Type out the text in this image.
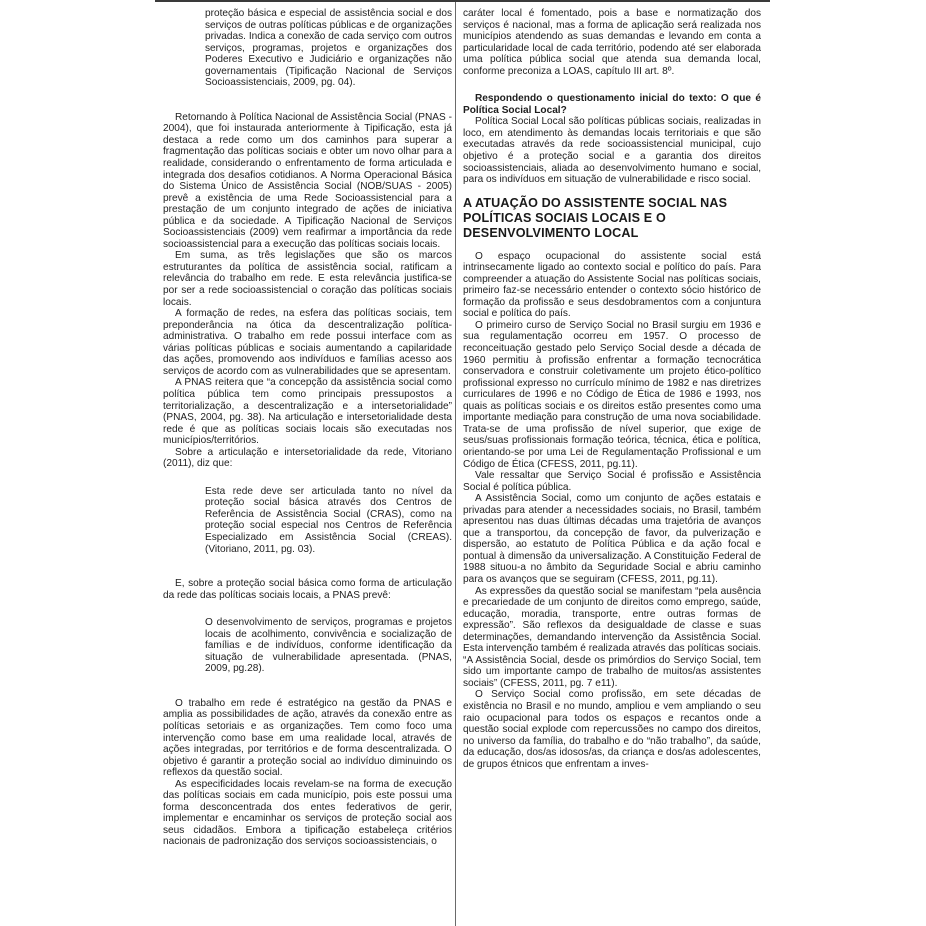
proteção básica e especial de assistência social e dos serviços de outras políticas públicas e de organizações privadas. Indica a conexão de cada serviço com outros serviços, programas, projetos e organizações dos Poderes Executivo e Judiciário e organizações não governamentais (Tipificação Nacional de Serviços Socioassistenciais, 2009, pg. 04).

Retornando à Política Nacional de Assistência Social (PNAS - 2004), que foi instaurada anteriormente à Tipificação, esta já destaca a rede como um dos caminhos para superar a fragmentação das políticas sociais e obter um novo olhar para a realidade, considerando o enfrentamento de forma articulada e integrada dos desafios cotidianos. A Norma Operacional Básica do Sistema Único de Assistência Social (NOB/SUAS - 2005) prevê a existência de uma Rede Socioassistencial para a prestação de um conjunto integrado de ações de iniciativa pública e da sociedade. A Tipificação Nacional de Serviços Socioassistenciais (2009) vem reafirmar a importância da rede socioassistencial para a execução das políticas sociais locais.

Em suma, as três legislações que são os marcos estruturantes da política de assistência social, ratificam a relevância do trabalho em rede. E esta relevância justifica-se por ser a rede socioassistencial o coração das políticas sociais locais.

A formação de redes, na esfera das políticas sociais, tem preponderância na ótica da descentralização política-administrativa. O trabalho em rede possui interface com as várias políticas públicas e sociais aumentando a capilaridade das ações, promovendo aos indivíduos e famílias acesso aos serviços de acordo com as vulnerabilidades que se apresentam.

A PNAS reitera que “a concepção da assistência social como política pública tem como principais pressupostos a territorialização, a descentralização e a intersetorialidade” (PNAS, 2004, pg. 38). Na articulação e intersetorialidade desta rede é que as políticas sociais locais são executadas nos municípios/territórios.

Sobre a articulação e intersetorialidade da rede, Vitoriano (2011), diz que:

Esta rede deve ser articulada tanto no nível da proteção social básica através dos Centros de Referência de Assistência Social (CRAS), como na proteção social especial nos Centros de Referência Especializado em Assistência Social (CREAS). (Vitoriano, 2011, pg. 03).

E, sobre a proteção social básica como forma de articulação da rede das políticas sociais locais, a PNAS prevê:

O desenvolvimento de serviços, programas e projetos locais de acolhimento, convivência e socialização de famílias e de indivíduos, conforme identificação da situação de vulnerabilidade apresentada. (PNAS, 2009, pg.28).

O trabalho em rede é estratégico na gestão da PNAS e amplia as possibilidades de ação, através da conexão entre as políticas setoriais e as organizações. Tem como foco uma intervenção como base em uma realidade local, através de ações integradas, por territórios e de forma descentralizada. O objetivo é garantir a proteção social ao indivíduo diminuindo os reflexos da questão social.

As especificidades locais revelam-se na forma de execução das políticas sociais em cada município, pois este possui uma forma desconcentrada dos entes federativos de gerir, implementar e encaminhar os serviços de proteção social aos seus cidadãos. Embora a tipificação estabeleça critérios nacionais de padronização dos serviços socioassistenciais, o

caráter local é fomentado, pois a base e normatização dos serviços é nacional, mas a forma de aplicação será realizada nos municípios atendendo as suas demandas e levando em conta a particularidade local de cada território, podendo até ser elaborada uma política pública social que atenda sua demanda local, conforme preconiza a LOAS, capítulo III art. 8º.

Respondendo o questionamento inicial do texto: O que é Política Social Local?

Política Social Local são políticas públicas sociais, realizadas in loco, em atendimento às demandas locais territoriais e que são executadas através da rede socioassistencial municipal, cujo objetivo é a proteção social e a garantia dos direitos socioassistenciais, aliada ao desenvolvimento humano e social, para os indivíduos em situação de vulnerabilidade e risco social.

A ATUAÇÃO DO ASSISTENTE SOCIAL NAS POLÍTICAS SOCIAIS LOCAIS E O DESENVOLVIMENTO LOCAL

O espaço ocupacional do assistente social está intrinsecamente ligado ao contexto social e político do país. Para compreender a atuação do Assistente Social nas políticas sociais, primeiro faz-se necessário entender o contexto sócio histórico de formação da profissão e seus desdobramentos com a conjuntura social e política do país.

O primeiro curso de Serviço Social no Brasil surgiu em 1936 e sua regulamentação ocorreu em 1957. O processo de reconceituação gestado pelo Serviço Social desde a década de 1960 permitiu à profissão enfrentar a formação tecnocrática conservadora e construir coletivamente um projeto ético-político profissional expresso no currículo mínimo de 1982 e nas diretrizes curriculares de 1996 e no Código de Ética de 1986 e 1993, nos quais as políticas sociais e os direitos estão presentes como uma importante mediação para construção de uma nova sociabilidade. Trata-se de uma profissão de nível superior, que exige de seus/suas profissionais formação teórica, técnica, ética e política, orientando-se por uma Lei de Regulamentação Profissional e um Código de Ética (CFESS, 2011, pg.11).

Vale ressaltar que Serviço Social é profissão e Assistência Social é política pública.

A Assistência Social, como um conjunto de ações estatais e privadas para atender a necessidades sociais, no Brasil, também apresentou nas duas últimas décadas uma trajetória de avanços que a transportou, da concepção de favor, da pulverização e dispersão, ao estatuto de Política Pública e da ação focal e pontual à dimensão da universalização. A Constituição Federal de 1988 situou-a no âmbito da Seguridade Social e abriu caminho para os avanços que se seguiram (CFESS, 2011, pg.11).

As expressões da questão social se manifestam “pela ausência e precariedade de um conjunto de direitos como emprego, saúde, educação, moradia, transporte, entre outras formas de expressão”. São reflexos da desigualdade de classe e suas determinações, demandando intervenção da Assistência Social. Esta intervenção também é realizada através das políticas sociais. “A Assistência Social, desde os primórdios do Serviço Social, tem sido um importante campo de trabalho de muitos/as assistentes sociais” (CFESS, 2011, pg. 7 e11).

O Serviço Social como profissão, em sete décadas de existência no Brasil e no mundo, ampliou e vem ampliando o seu raio ocupacional para todos os espaços e recantos onde a questão social explode com repercussões no campo dos direitos, no universo da família, do trabalho e do “não trabalho”, da saúde, da educação, dos/as idosos/as, da criança e dos/as adolescentes, de grupos étnicos que enfrentam a inves-
